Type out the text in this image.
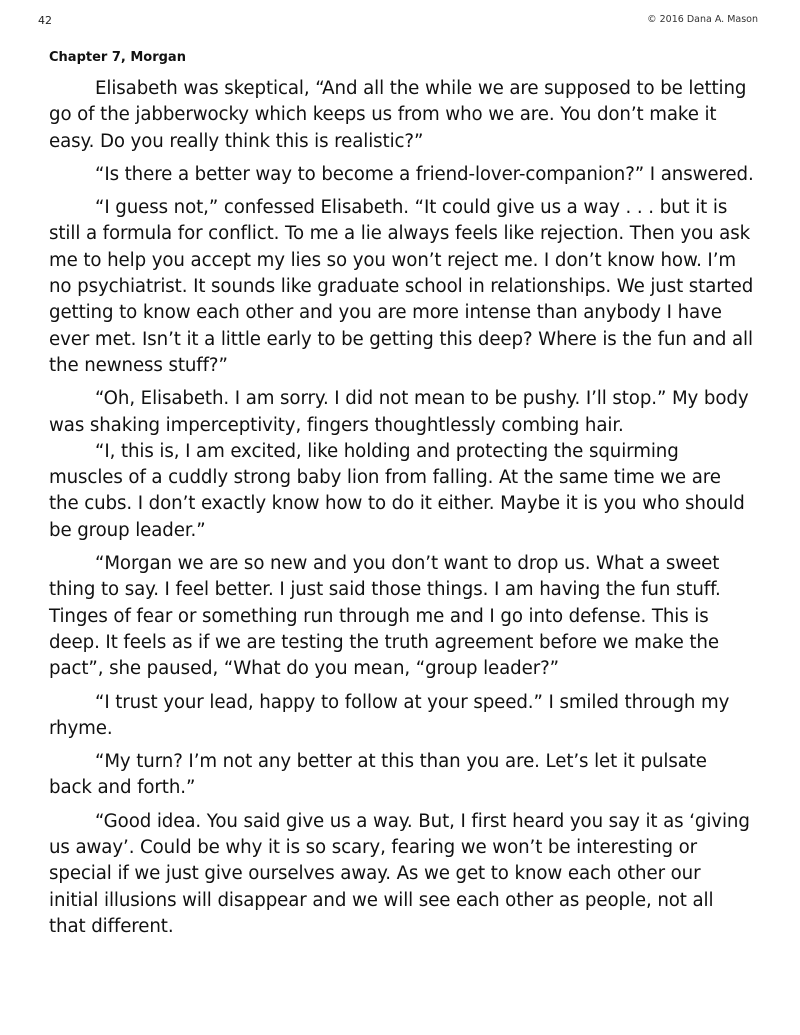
42	© 2016 Dana A. Mason
Chapter 7, Morgan

Elisabeth was skeptical, “And all the while we are supposed to be letting go of the jabberwocky which keeps us from who we are. You don’t make it easy. Do you really think this is realistic?”

“Is there a better way to become a friend-lover-companion?” I answered.

“I guess not,” confessed Elisabeth. “It could give us a way . . . but it is still a formula for conflict. To me a lie always feels like rejection. Then you ask me to help you accept my lies so you won’t reject me. I don’t know how. I’m no psychiatrist. It sounds like graduate school in relationships. We just started getting to know each other and you are more intense than anybody I have ever met. Isn’t it a little early to be getting this deep? Where is the fun and all the newness stuff?”

“Oh, Elisabeth. I am sorry. I did not mean to be pushy. I’ll stop.” My body was shaking imperceptivity, fingers thoughtlessly combing hair.

“I, this is, I am excited, like holding and protecting the squirming muscles of a cuddly strong baby lion from falling. At the same time we are the cubs. I don’t exactly know how to do it either. Maybe it is you who should be group leader.”

“Morgan we are so new and you don’t want to drop us. What a sweet thing to say. I feel better. I just said those things. I am having the fun stuff. Tinges of fear or something run through me and I go into defense. This is deep. It feels as if we are testing the truth agreement before we make the pact”, she paused, “What do you mean, “group leader?”

“I trust your lead, happy to follow at your speed.” I smiled through my rhyme.

“My turn? I’m not any better at this than you are. Let’s let it pulsate back and forth.”

“Good idea. You said give us a way. But, I first heard you say it as ‘giving us away’. Could be why it is so scary, fearing we won’t be interesting or special if we just give ourselves away. As we get to know each other our initial illusions will disappear and we will see each other as people, not all that different.
